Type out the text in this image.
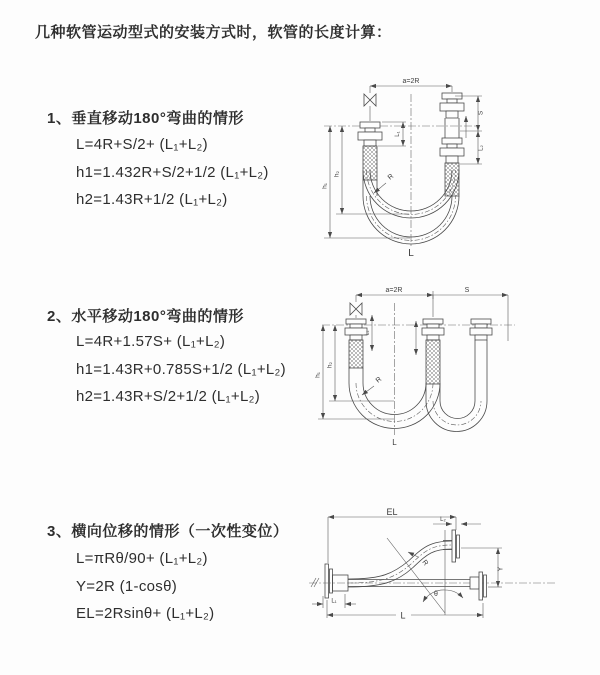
几种软管运动型式的安装方式时，软管的长度计算：
1、垂直移动180°弯曲的情形
L=4R+S/2+ (L₁+L₂)
h1=1.432R+S/2+1/2 (L₁+L₂)
h2=1.43R+1/2 (L₁+L₂)
2、水平移动180°弯曲的情形
L=4R+1.57S+ (L₁+L₂)
h1=1.43R+0.785S+1/2 (L₁+L₂)
h2=1.43R+S/2+1/2 (L₁+L₂)
3、横向位移的情形（一次性变位）
L=πRθ/90+ (L₁+L₂)
Y=2R (1-cosθ)
EL=2Rsinθ+ (L₁+L₂)
a=2R
h₁
h₂
L₁
S
L₂
R
L
a=2R	S
h₁
h₂
L₁
R
L
EL
L₂
θ
R
Y
L
L₁
